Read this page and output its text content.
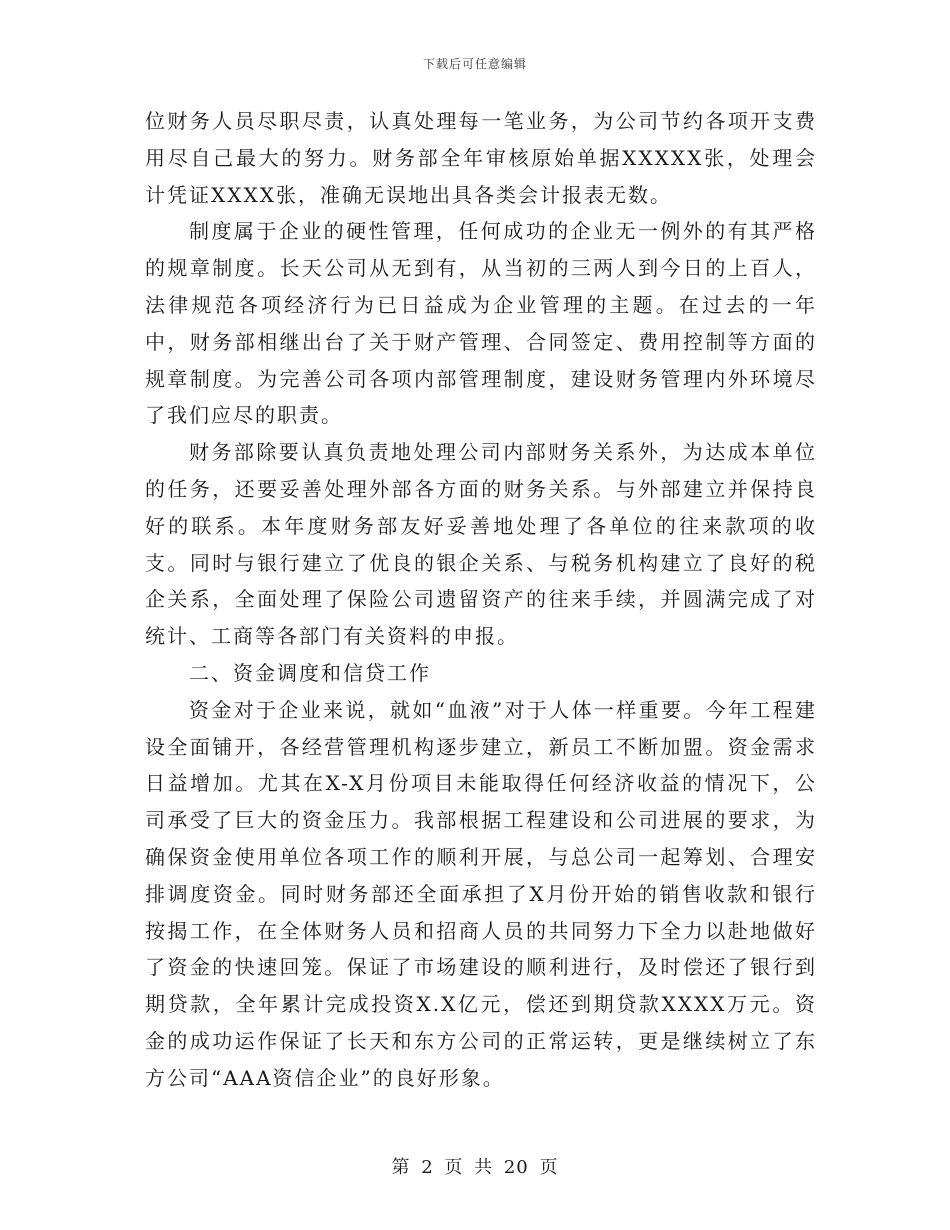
下载后可任意编辑

位财务人员尽职尽责，认真处理每一笔业务，为公司节约各项开支费用尽自己最大的努力。财务部全年审核原始单据XXXXX张，处理会计凭证XXXX张，准确无误地出具各类会计报表无数。

制度属于企业的硬性管理，任何成功的企业无一例外的有其严格的规章制度。长天公司从无到有，从当初的三两人到今日的上百人，法律规范各项经济行为已日益成为企业管理的主题。在过去的一年中，财务部相继出台了关于财产管理、合同签定、费用控制等方面的规章制度。为完善公司各项内部管理制度，建设财务管理内外环境尽了我们应尽的职责。

财务部除要认真负责地处理公司内部财务关系外，为达成本单位的任务，还要妥善处理外部各方面的财务关系。与外部建立并保持良好的联系。本年度财务部友好妥善地处理了各单位的往来款项的收支。同时与银行建立了优良的银企关系、与税务机构建立了良好的税企关系，全面处理了保险公司遗留资产的往来手续，并圆满完成了对统计、工商等各部门有关资料的申报。

二、资金调度和信贷工作

资金对于企业来说，就如“血液”对于人体一样重要。今年工程建设全面铺开，各经营管理机构逐步建立，新员工不断加盟。资金需求日益增加。尤其在X-X月份项目未能取得任何经济收益的情况下，公司承受了巨大的资金压力。我部根据工程建设和公司进展的要求，为确保资金使用单位各项工作的顺利开展，与总公司一起筹划、合理安排调度资金。同时财务部还全面承担了X月份开始的销售收款和银行按揭工作，在全体财务人员和招商人员的共同努力下全力以赴地做好了资金的快速回笼。保证了市场建设的顺利进行，及时偿还了银行到期贷款，全年累计完成投资X.X亿元，偿还到期贷款XXXX万元。资金的成功运作保证了长天和东方公司的正常运转，更是继续树立了东方公司“AAA资信企业”的良好形象。

第 2 页 共 20 页
